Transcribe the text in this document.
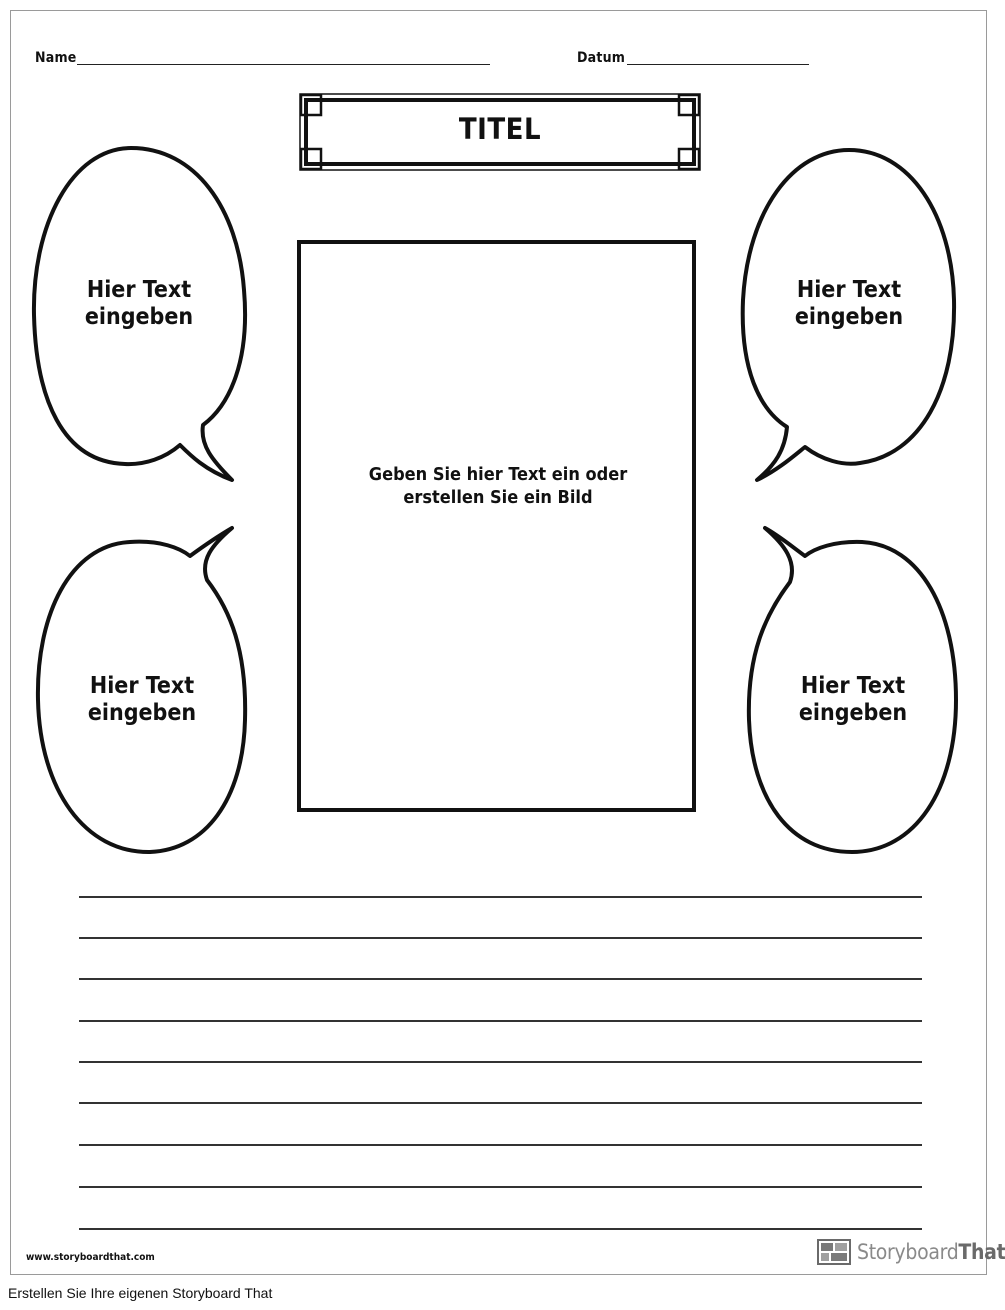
Name	Datum
TITEL
Hier Text
eingeben
Hier Text
eingeben
Hier Text
eingeben
Hier Text
eingeben
Geben Sie hier Text ein oder
erstellen Sie ein Bild
www.storyboardthat.com	StoryboardThat
Erstellen Sie Ihre eigenen Storyboard That
